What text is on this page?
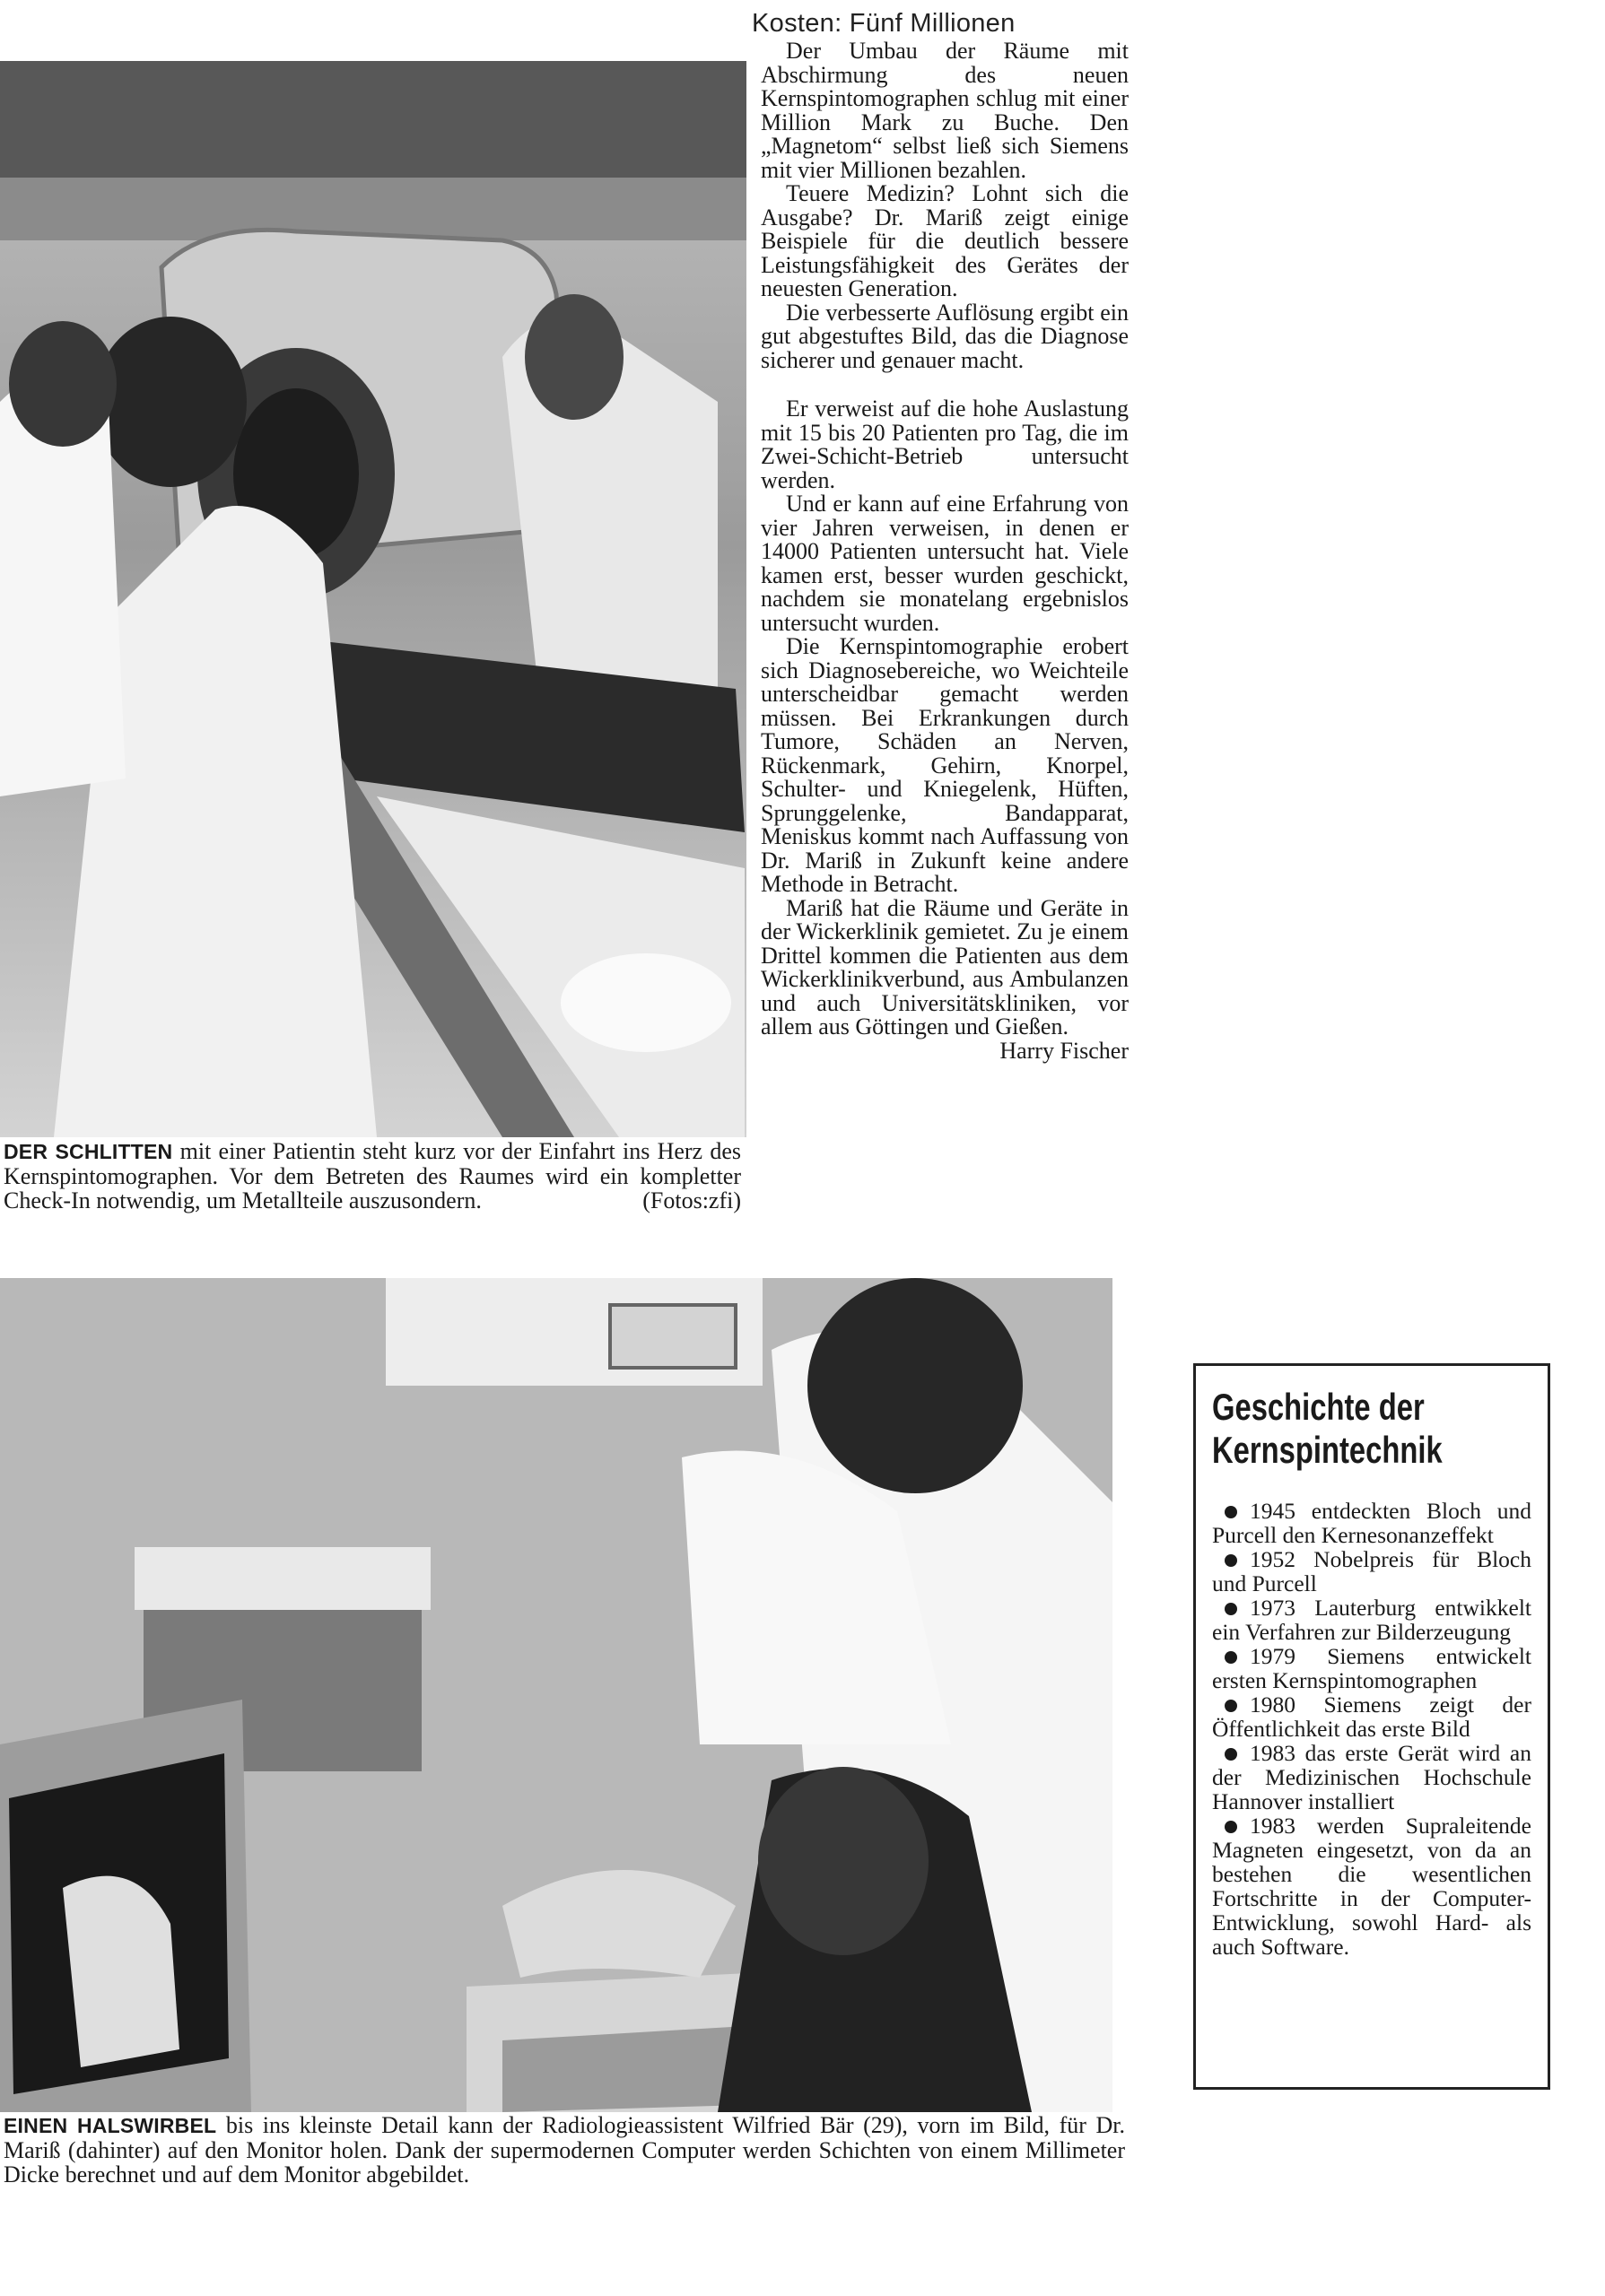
Kosten: Fünf Millionen

Der Umbau der Räume mit Abschirmung des neuen Kernspintomographen schlug mit einer Million Mark zu Buche. Den „Magnetom“ selbst ließ sich Siemens mit vier Millionen bezahlen.

Teuere Medizin? Lohnt sich die Ausgabe? Dr. Mariß zeigt einige Beispiele für die deutlich bessere Leistungsfähigkeit des Gerätes der neuesten Generation.

Die verbesserte Auflösung ergibt ein gut abgestuftes Bild, das die Diagnose sicherer und genauer macht.

Er verweist auf die hohe Auslastung mit 15 bis 20 Patienten pro Tag, die im Zwei-Schicht-Betrieb untersucht werden.

Und er kann auf eine Erfahrung von vier Jahren verweisen, in denen er 14000 Patienten untersucht hat. Viele kamen erst, besser wurden geschickt, nachdem sie monatelang ergebnislos untersucht wurden.

Die Kernspintomographie erobert sich Diagnosebereiche, wo Weichteile unterscheidbar gemacht werden müssen. Bei Erkrankungen durch Tumore, Schäden an Nerven, Rückenmark, Gehirn, Knorpel, Schulter- und Kniegelenk, Hüften, Sprunggelenke, Bandapparat, Meniskus kommt nach Auffassung von Dr. Mariß in Zukunft keine andere Methode in Betracht.

Mariß hat die Räume und Geräte in der Wickerklinik gemietet. Zu je einem Drittel kommen die Patienten aus dem Wickerklinikverbund, aus Ambulanzen und auch Universitätskliniken, vor allem aus Göttingen und Gießen.

Harry Fischer

DER SCHLITTEN mit einer Patientin steht kurz vor der Einfahrt ins Herz des Kernspintomographen. Vor dem Betreten des Raumes wird ein kompletter Check-In notwendig, um Metallteile auszusondern.	(Fotos:zfi)
EINEN HALSWIRBEL bis ins kleinste Detail kann der Radiologieassistent Wilfried Bär (29), vorn im Bild, für Dr. Mariß (dahinter) auf den Monitor holen. Dank der supermodernen Computer werden Schichten von einem Millimeter Dicke berechnet und auf dem Monitor abgebildet.
Geschichte der
Kernspintechnik
1945 entdeckten Bloch und Purcell den Kernesonanzeffekt
1952 Nobelpreis für Bloch und Purcell
1973 Lauterburg entwikkelt ein Verfahren zur Bilderzeugung
1979 Siemens entwickelt ersten Kernspintomographen
1980 Siemens zeigt der Öffentlichkeit das erste Bild
1983 das erste Gerät wird an der Medizinischen Hochschule Hannover installiert
1983 werden Supraleitende Magneten eingesetzt, von da an bestehen die wesentlichen Fortschritte in der Computer-Entwicklung, sowohl Hard- als auch Software.
